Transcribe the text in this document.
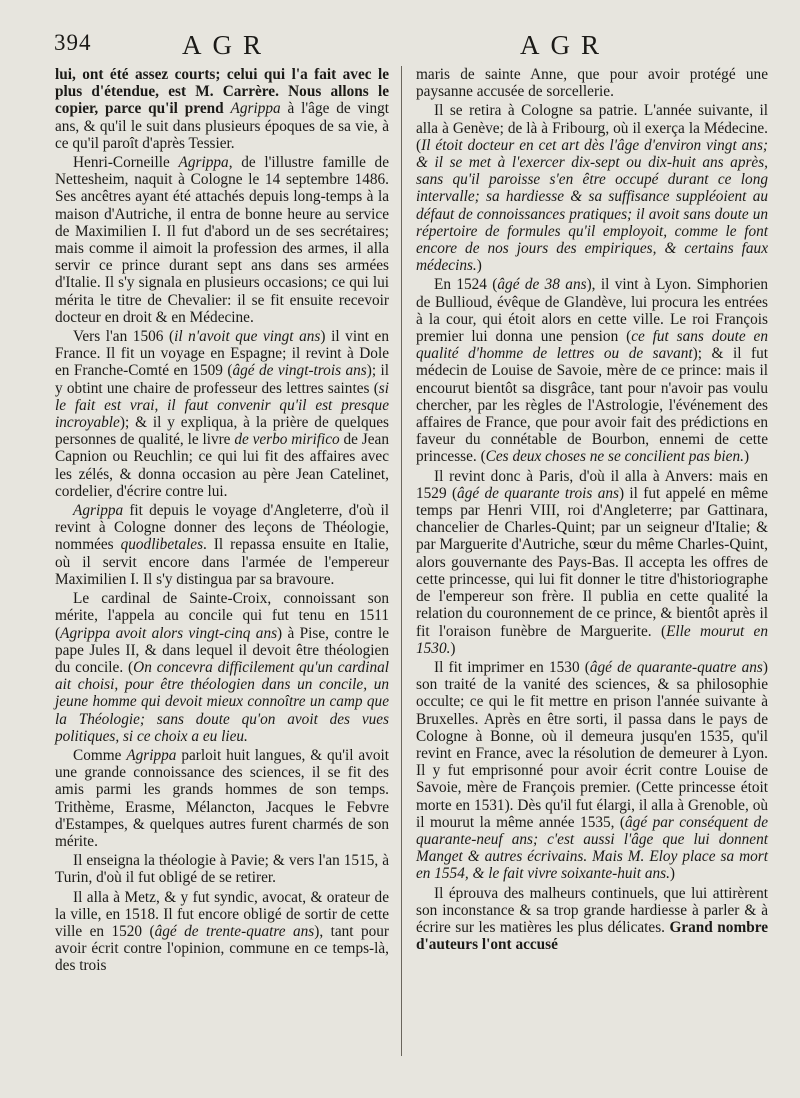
394	AGR	AGR

lui, ont été assez courts; celui qui l'a fait avec le plus d'étendue, est M. Carrère. Nous allons le copier, parce qu'il prend Agrippa à l'âge de vingt ans, & qu'il le suit dans plusieurs époques de sa vie, à ce qu'il paroît d'après Tessier.

Henri-Corneille Agrippa, de l'illustre famille de Nettesheim, naquit à Cologne le 14 septembre 1486. Ses ancêtres ayant été attachés depuis long-temps à la maison d'Autriche, il entra de bonne heure au service de Maximilien I. Il fut d'abord un de ses secrétaires; mais comme il aimoit la profession des armes, il alla servir ce prince durant sept ans dans ses armées d'Italie. Il s'y signala en plusieurs occasions; ce qui lui mérita le titre de Chevalier: il se fit ensuite recevoir docteur en droit & en Médecine.

Vers l'an 1506 (il n'avoit que vingt ans) il vint en France. Il fit un voyage en Espagne; il revint à Dole en Franche-Comté en 1509 (âgé de vingt-trois ans); il y obtint une chaire de professeur des lettres saintes (si le fait est vrai, il faut convenir qu'il est presque incroyable); & il y expliqua, à la prière de quelques personnes de qualité, le livre de verbo mirifico de Jean Capnion ou Reuchlin; ce qui lui fit des affaires avec les zélés, & donna occasion au père Jean Catelinet, cordelier, d'écrire contre lui.

Agrippa fit depuis le voyage d'Angleterre, d'où il revint à Cologne donner des leçons de Théologie, nommées quodlibetales. Il repassa ensuite en Italie, où il servit encore dans l'armée de l'empereur Maximilien I. Il s'y distingua par sa bravoure.

Le cardinal de Sainte-Croix, connoissant son mérite, l'appela au concile qui fut tenu en 1511 (Agrippa avoit alors vingt-cinq ans) à Pise, contre le pape Jules II, & dans lequel il devoit être théologien du concile. (On concevra difficilement qu'un cardinal ait choisi, pour être théologien dans un concile, un jeune homme qui devoit mieux connoître un camp que la Théologie; sans doute qu'on avoit des vues politiques, si ce choix a eu lieu.

Comme Agrippa parloit huit langues, & qu'il avoit une grande connoissance des sciences, il se fit des amis parmi les grands hommes de son temps. Trithème, Erasme, Mélancton, Jacques le Febvre d'Estampes, & quelques autres furent charmés de son mérite.

Il enseigna la théologie à Pavie; & vers l'an 1515, à Turin, d'où il fut obligé de se retirer.

Il alla à Metz, & y fut syndic, avocat, & orateur de la ville, en 1518. Il fut encore obligé de sortir de cette ville en 1520 (âgé de trente-quatre ans), tant pour avoir écrit contre l'opinion, commune en ce temps-là, des trois

maris de sainte Anne, que pour avoir protégé une paysanne accusée de sorcellerie.

Il se retira à Cologne sa patrie. L'année suivante, il alla à Genève; de là à Fribourg, où il exerça la Médecine. (Il étoit docteur en cet art dès l'âge d'environ vingt ans; & il se met à l'exercer dix-sept ou dix-huit ans après, sans qu'il paroisse s'en être occupé durant ce long intervalle; sa hardiesse & sa suffisance suppléoient au défaut de connoissances pratiques; il avoit sans doute un répertoire de formules qu'il employoit, comme le font encore de nos jours des empiriques, & certains faux médecins.)

En 1524 (âgé de 38 ans), il vint à Lyon. Simphorien de Bullioud, évêque de Glandève, lui procura les entrées à la cour, qui étoit alors en cette ville. Le roi François premier lui donna une pension (ce fut sans doute en qualité d'homme de lettres ou de savant); & il fut médecin de Louise de Savoie, mère de ce prince: mais il encourut bientôt sa disgrâce, tant pour n'avoir pas voulu chercher, par les règles de l'Astrologie, l'événement des affaires de France, que pour avoir fait des prédictions en faveur du connétable de Bourbon, ennemi de cette princesse. (Ces deux choses ne se concilient pas bien.)

Il revint donc à Paris, d'où il alla à Anvers: mais en 1529 (âgé de quarante trois ans) il fut appelé en même temps par Henri VIII, roi d'Angleterre; par Gattinara, chancelier de Charles-Quint; par un seigneur d'Italie; & par Marguerite d'Autriche, sœur du même Charles-Quint, alors gouvernante des Pays-Bas. Il accepta les offres de cette princesse, qui lui fit donner le titre d'historiographe de l'empereur son frère. Il publia en cette qualité la relation du couronnement de ce prince, & bientôt après il fit l'oraison funèbre de Marguerite. (Elle mourut en 1530.)

Il fit imprimer en 1530 (âgé de quarante-quatre ans) son traité de la vanité des sciences, & sa philosophie occulte; ce qui le fit mettre en prison l'année suivante à Bruxelles. Après en être sorti, il passa dans le pays de Cologne à Bonne, où il demeura jusqu'en 1535, qu'il revint en France, avec la résolution de demeurer à Lyon. Il y fut emprisonné pour avoir écrit contre Louise de Savoie, mère de François premier. (Cette princesse étoit morte en 1531). Dès qu'il fut élargi, il alla à Grenoble, où il mourut la même année 1535, (âgé par conséquent de quarante-neuf ans; c'est aussi l'âge que lui donnent Manget & autres écrivains. Mais M. Eloy place sa mort en 1554, & le fait vivre soixante-huit ans.)

Il éprouva des malheurs continuels, que lui attirèrent son inconstance & sa trop grande hardiesse à parler & à écrire sur les matières les plus délicates. Grand nombre d'auteurs l'ont accusé
